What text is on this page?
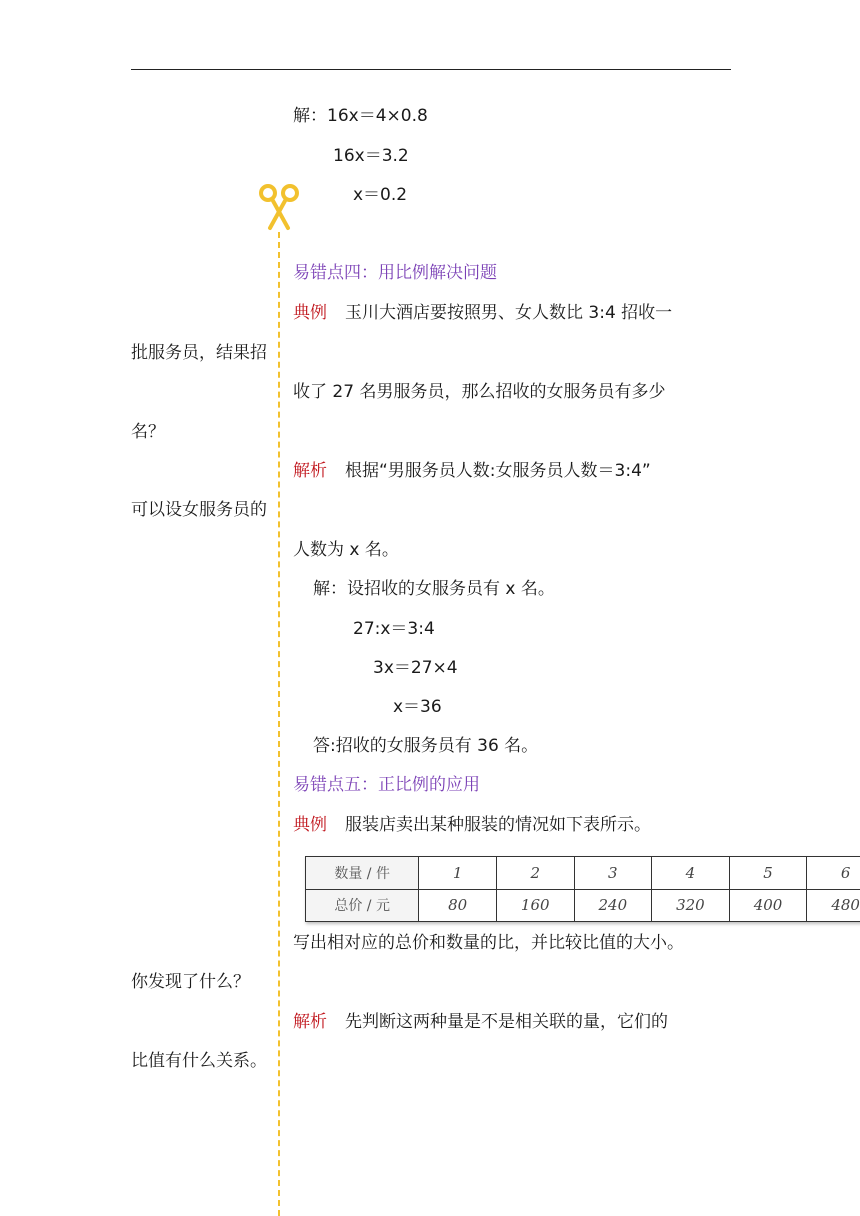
解：16x＝4×0.8
16x＝3.2
x＝0.2
易错点四：用比例解决问题
典例 玉川大酒店要按照男、女人数比 3:4 招收一
批服务员，结果招
收了 27 名男服务员，那么招收的女服务员有多少
名？
解析 根据“男服务员人数:女服务员人数＝3:4”
可以设女服务员的
人数为 x 名。
解：设招收的女服务员有 x 名。
27:x＝3:4
3x＝27×4
x＝36
答:招收的女服务员有 36 名。
易错点五：正比例的应用
典例 服装店卖出某种服装的情况如下表所示。
数量 / 件	1	2	3	4	5	6
总价 / 元	80	160	240	320	400	480
写出相对应的总价和数量的比，并比较比值的大小。
你发现了什么？
解析 先判断这两种量是不是相关联的量，它们的
比值有什么关系。
